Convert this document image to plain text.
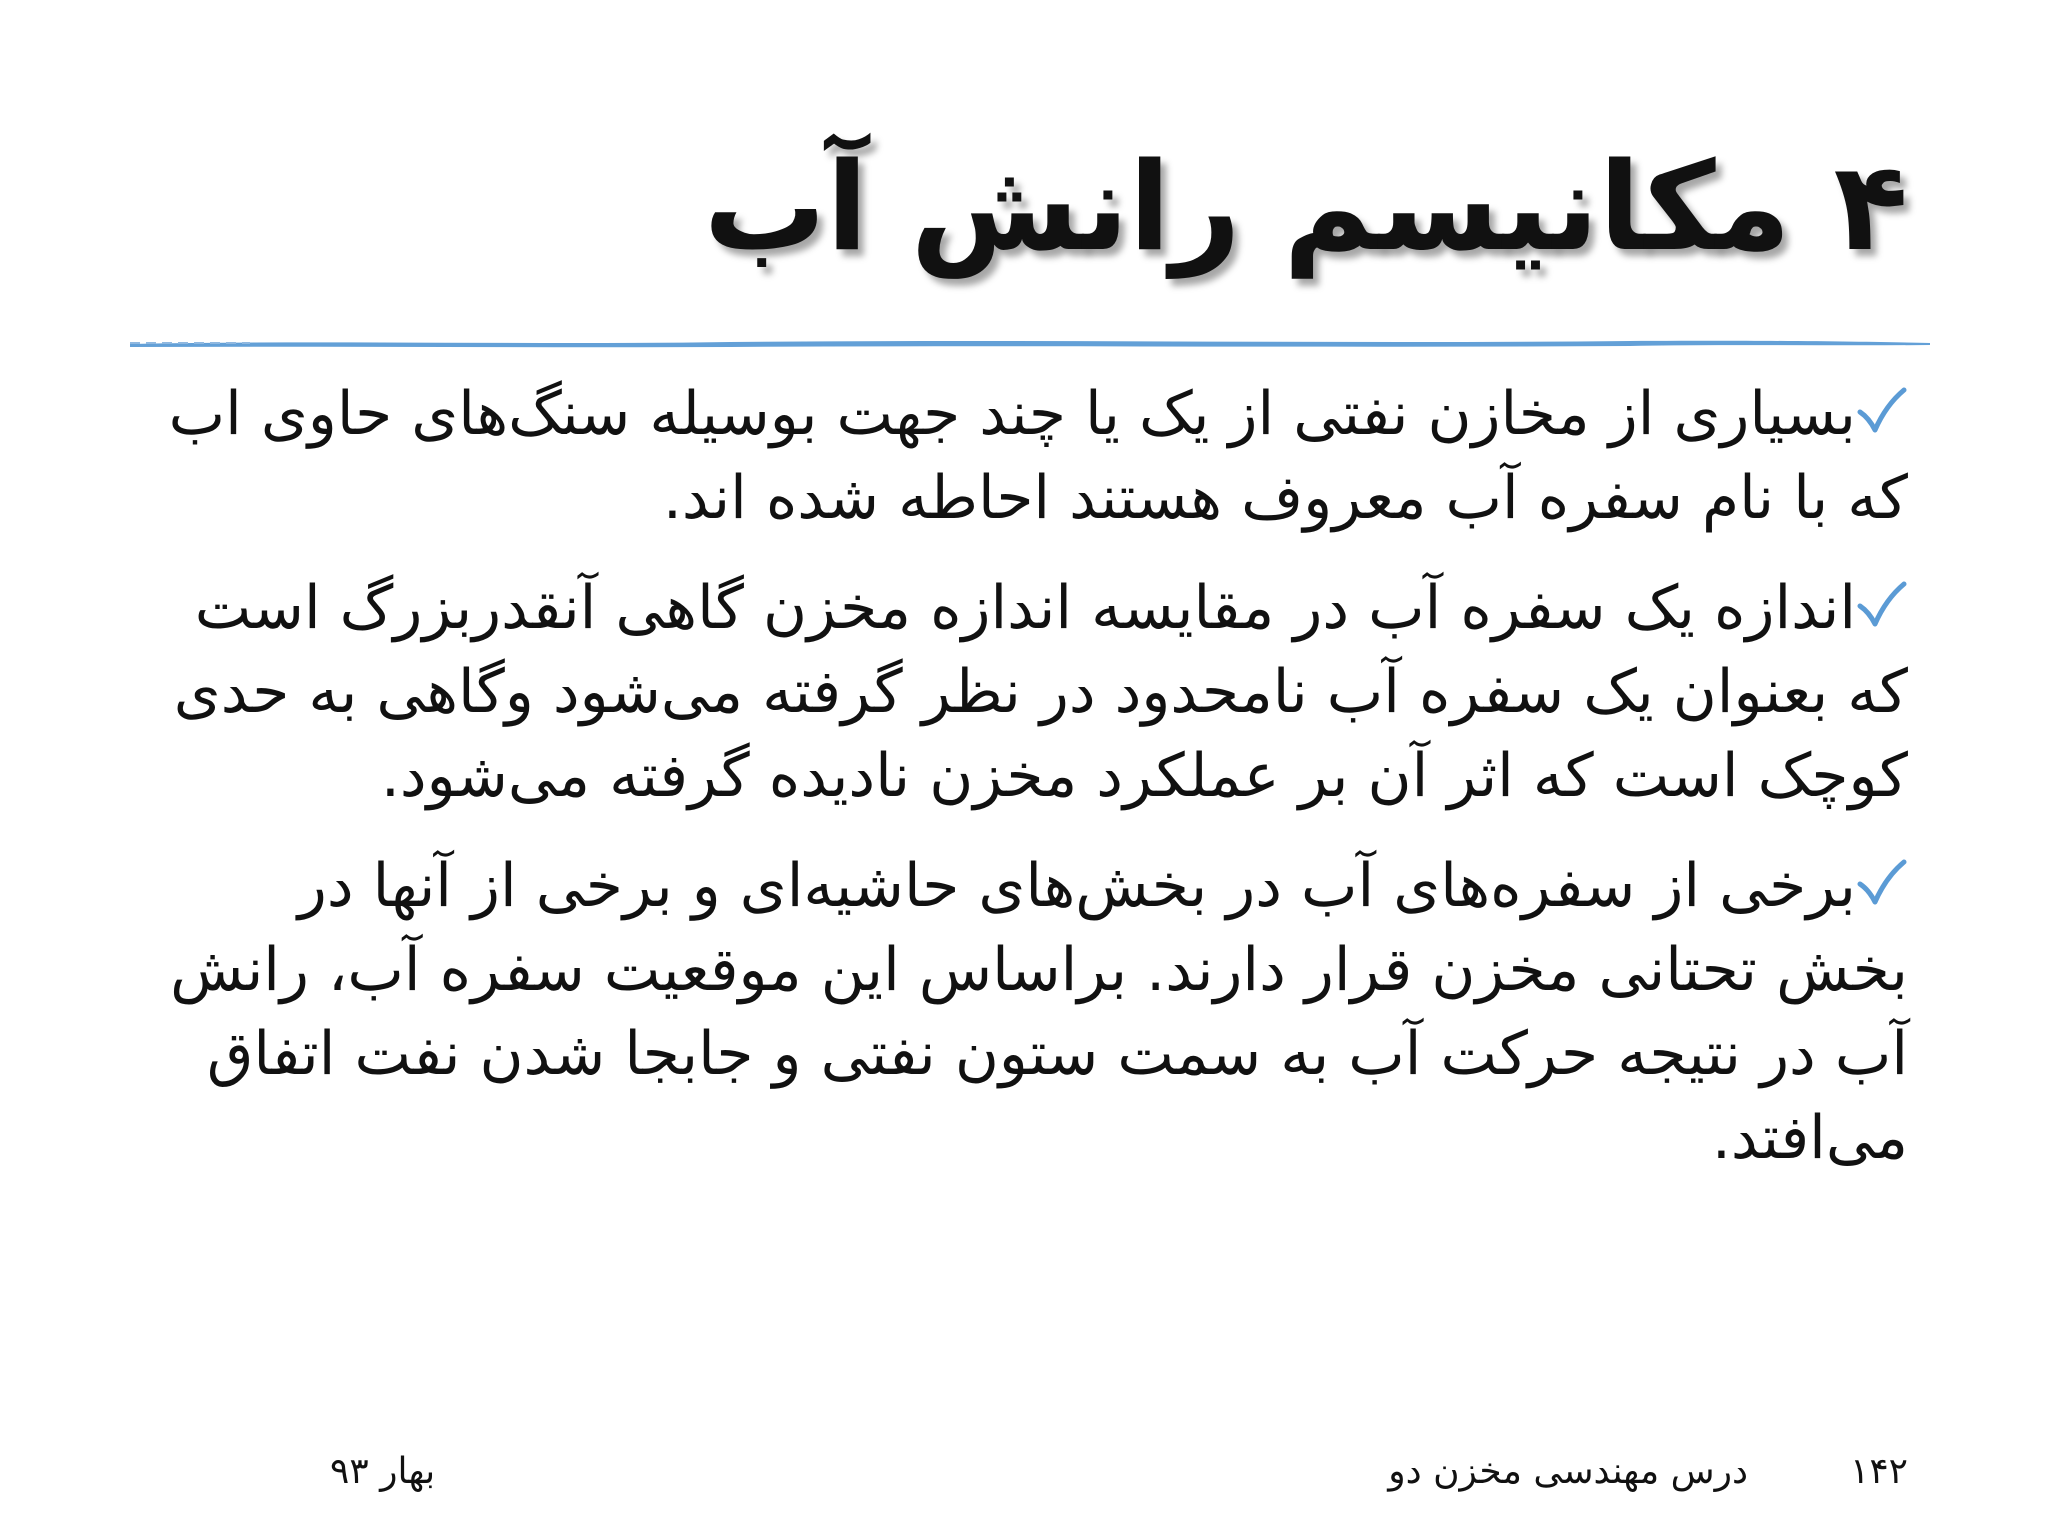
۴ مکانیسم رانش آب
بسیاری از مخازن نفتی از یک یا چند جهت بوسیله سنگ‌های حاوی اب که با نام سفره آب معروف هستند احاطه شده اند.
اندازه یک سفره آب در مقایسه اندازه مخزن گاهی آنقدربزرگ است که بعنوان یک سفره آب نامحدود در نظر گرفته می‌شود وگاهی به حدی کوچک است که اثر آن بر عملکرد مخزن نادیده گرفته می‌شود.
برخی از سفره‌های آب در بخش‌های حاشیه‌ای و برخی از آنها در بخش تحتانی مخزن قرار دارند. براساس این موقعیت سفره آب، رانش آب در نتیجه حرکت آب به سمت ستون نفتی و جابجا شدن نفت اتفاق می‌افتد.
۱۴۲
درس مهندسی مخزن دو
بهار ۹۳
